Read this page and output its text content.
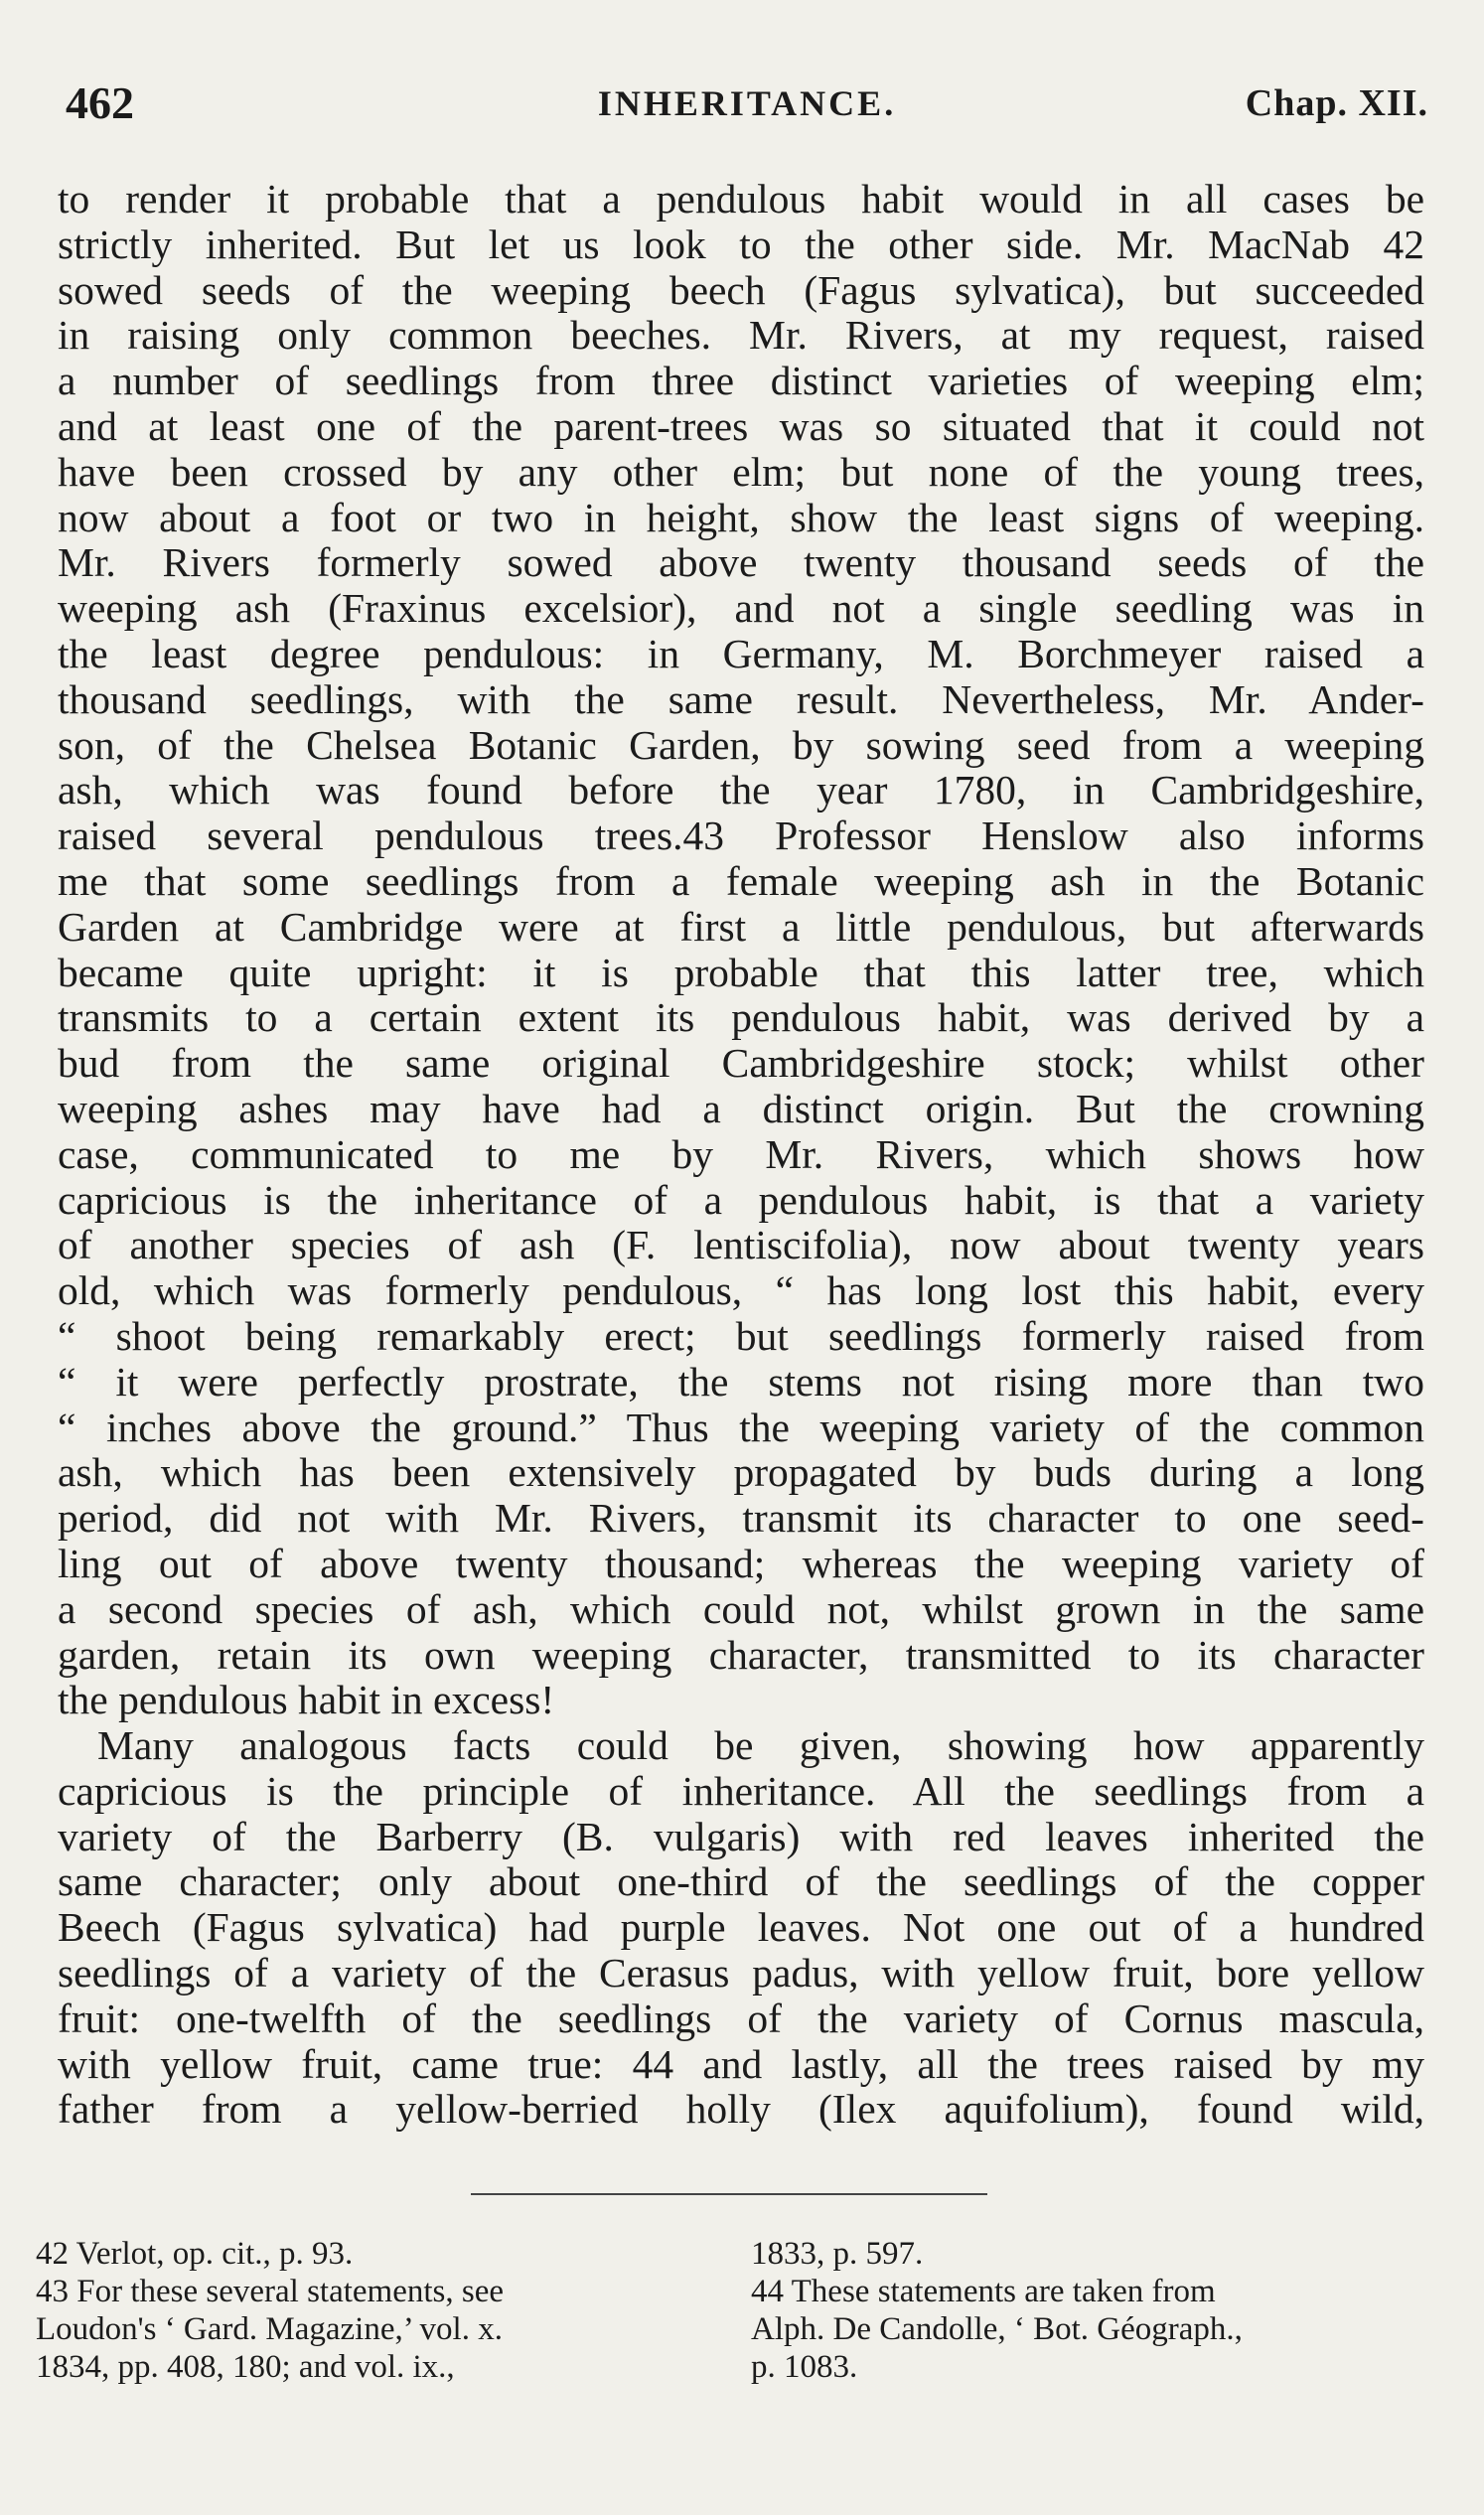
462	INHERITANCE.	Chap. XII.
to render it probable that a pendulous habit would in all cases be
strictly inherited. But let us look to the other side. Mr. MacNab 42
sowed seeds of the weeping beech (Fagus sylvatica), but succeeded
in raising only common beeches. Mr. Rivers, at my request, raised
a number of seedlings from three distinct varieties of weeping elm;
and at least one of the parent-trees was so situated that it could not
have been crossed by any other elm; but none of the young trees,
now about a foot or two in height, show the least signs of weeping.
Mr. Rivers formerly sowed above twenty thousand seeds of the
weeping ash (Fraxinus excelsior), and not a single seedling was in
the least degree pendulous: in Germany, M. Borchmeyer raised a
thousand seedlings, with the same result. Nevertheless, Mr. Ander-
son, of the Chelsea Botanic Garden, by sowing seed from a weeping
ash, which was found before the year 1780, in Cambridgeshire,
raised several pendulous trees.43 Professor Henslow also informs
me that some seedlings from a female weeping ash in the Botanic
Garden at Cambridge were at first a little pendulous, but afterwards
became quite upright: it is probable that this latter tree, which
transmits to a certain extent its pendulous habit, was derived by a
bud from the same original Cambridgeshire stock; whilst other
weeping ashes may have had a distinct origin. But the crowning
case, communicated to me by Mr. Rivers, which shows how
capricious is the inheritance of a pendulous habit, is that a variety
of another species of ash (F. lentiscifolia), now about twenty years
old, which was formerly pendulous, “ has long lost this habit, every
“ shoot being remarkably erect; but seedlings formerly raised from
“ it were perfectly prostrate, the stems not rising more than two
“ inches above the ground.” Thus the weeping variety of the common
ash, which has been extensively propagated by buds during a long
period, did not with Mr. Rivers, transmit its character to one seed-
ling out of above twenty thousand; whereas the weeping variety of
a second species of ash, which could not, whilst grown in the same
garden, retain its own weeping character, transmitted to its character
the pendulous habit in excess!
Many analogous facts could be given, showing how apparently
capricious is the principle of inheritance. All the seedlings from a
variety of the Barberry (B. vulgaris) with red leaves inherited the
same character; only about one-third of the seedlings of the copper
Beech (Fagus sylvatica) had purple leaves. Not one out of a hundred
seedlings of a variety of the Cerasus padus, with yellow fruit, bore yellow
fruit: one-twelfth of the seedlings of the variety of Cornus mascula,
with yellow fruit, came true: 44 and lastly, all the trees raised by my
father from a yellow-berried holly (Ilex aquifolium), found wild,
42 Verlot, op. cit., p. 93.
43 For these several statements, see
Loudon's ‘ Gard. Magazine,’ vol. x.
1834, pp. 408, 180; and vol. ix.,
1833, p. 597.
44 These statements are taken from
Alph. De Candolle, ‘ Bot. Géograph.,
p. 1083.
